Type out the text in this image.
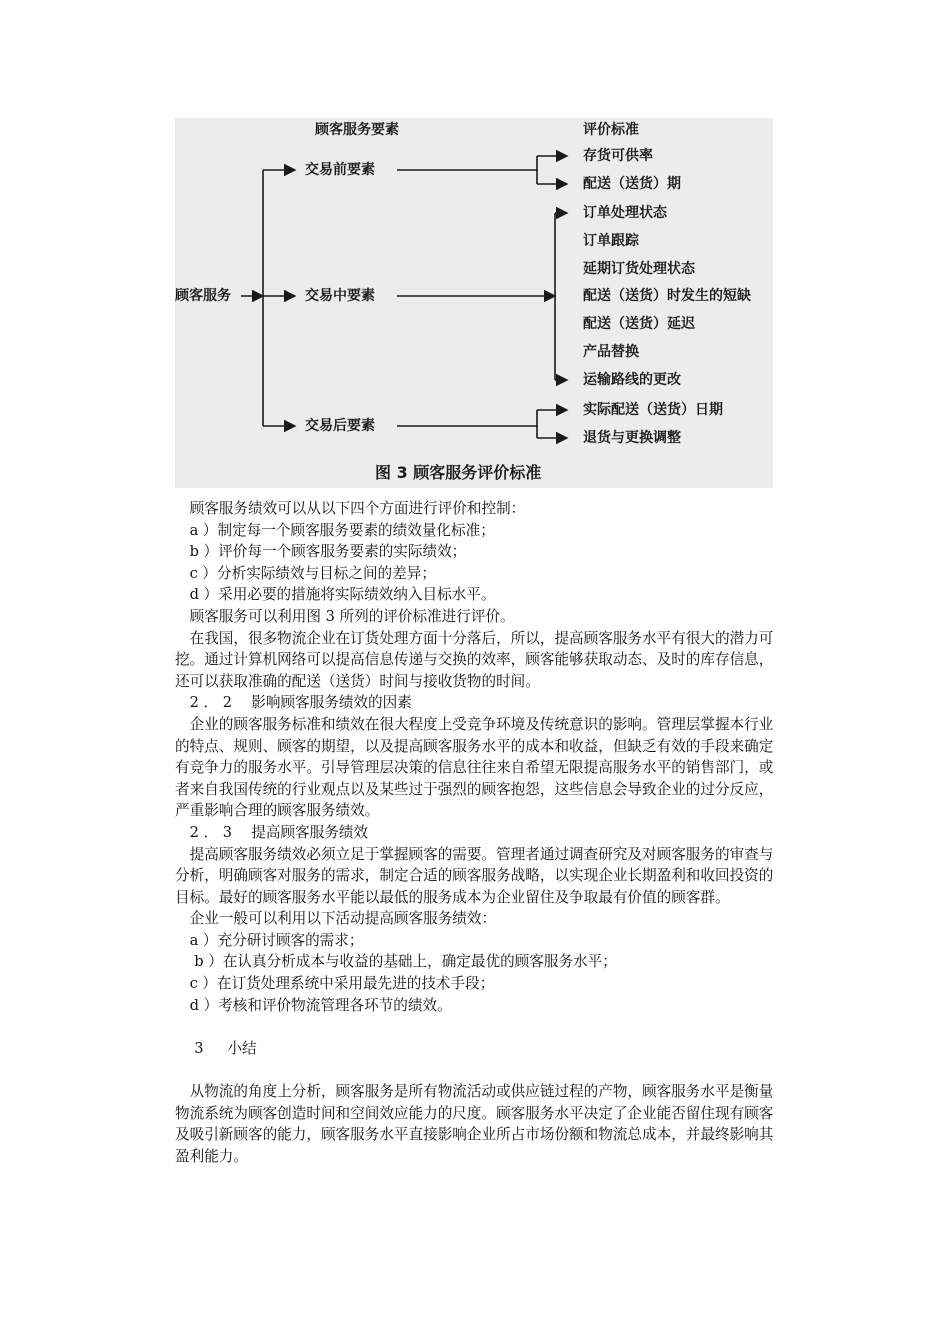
顾客服务要素	评价标准
顾客服务
交易前要素
交易中要素
交易后要素
存货可供率
配送（送货）期
订单处理状态
订单跟踪
延期订货处理状态
配送（送货）时发生的短缺
配送（送货）延迟
产品替换
运输路线的更改
实际配送（送货）日期
退货与更换调整
图 3 顾客服务评价标准

　顾客服务绩效可以从以下四个方面进行评价和控制：

　a ）制定每一个顾客服务要素的绩效量化标准；

　b ）评价每一个顾客服务要素的实际绩效；

　c ）分析实际绩效与目标之间的差异；

　d ）采用必要的措施将实际绩效纳入目标水平。

　顾客服务可以利用图 3 所列的评价标准进行评价。

　在我国，很多物流企业在订货处理方面十分落后，所以，提高顾客服务水平有很大的潜力可挖。通过计算机网络可以提高信息传递与交换的效率，顾客能够获取动态、及时的库存信息，还可以获取准确的配送（送货）时间与接收货物的时间。

　2 ． 2 　影响顾客服务绩效的因素

　企业的顾客服务标准和绩效在很大程度上受竞争环境及传统意识的影响。管理层掌握本行业的特点、规则、顾客的期望，以及提高顾客服务水平的成本和收益，但缺乏有效的手段来确定有竞争力的服务水平。引导管理层决策的信息往往来自希望无限提高服务水平的销售部门，或者来自我国传统的行业观点以及某些过于强烈的顾客抱怨，这些信息会导致企业的过分反应，严重影响合理的顾客服务绩效。

　2 ． 3 　提高顾客服务绩效

　提高顾客服务绩效必须立足于掌握顾客的需要。管理者通过调查研究及对顾客服务的审查与分析，明确顾客对服务的需求，制定合适的顾客服务战略，以实现企业长期盈利和收回投资的目标。最好的顾客服务水平能以最低的服务成本为企业留住及争取最有价值的顾客群。

　企业一般可以利用以下活动提高顾客服务绩效：

　a ）充分研讨顾客的需求；

　 b ）在认真分析成本与收益的基础上，确定最优的顾客服务水平；

　c ）在订货处理系统中采用最先进的技术手段；

　d ）考核和评价物流管理各环节的绩效。

　 3 　 小结

　从物流的角度上分析，顾客服务是所有物流活动或供应链过程的产物，顾客服务水平是衡量物流系统为顾客创造时间和空间效应能力的尺度。顾客服务水平决定了企业能否留住现有顾客及吸引新顾客的能力，顾客服务水平直接影响企业所占市场份额和物流总成本，并最终影响其盈利能力。
